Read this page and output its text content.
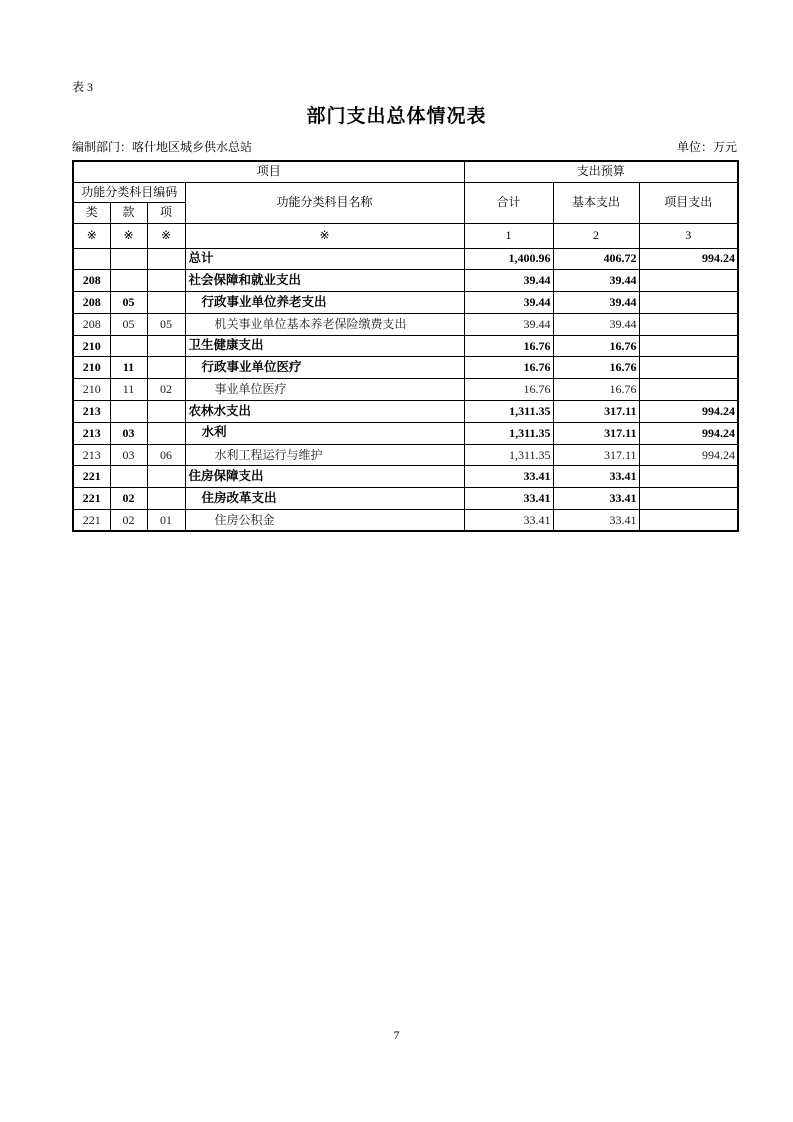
表 3
部门支出总体情况表
编制部门：喀什地区城乡供水总站	单位：万元
项目				支出预算		
功能分类科目编码			功能分类科目名称	合计	基本支出	项目支出
类	款	项				
※	※	※	※	1	2	3
			总计	1,400.96	406.72	994.24
208			社会保障和就业支出	39.44	39.44	
208	05		行政事业单位养老支出	39.44	39.44	
208	05	05	机关事业单位基本养老保险缴费支出	39.44	39.44	
210			卫生健康支出	16.76	16.76	
210	11		行政事业单位医疗	16.76	16.76	
210	11	02	事业单位医疗	16.76	16.76	
213			农林水支出	1,311.35	317.11	994.24
213	03		水利	1,311.35	317.11	994.24
213	03	06	水利工程运行与维护	1,311.35	317.11	994.24
221			住房保障支出	33.41	33.41	
221	02		住房改革支出	33.41	33.41	
221	02	01	住房公积金	33.41	33.41	
7
